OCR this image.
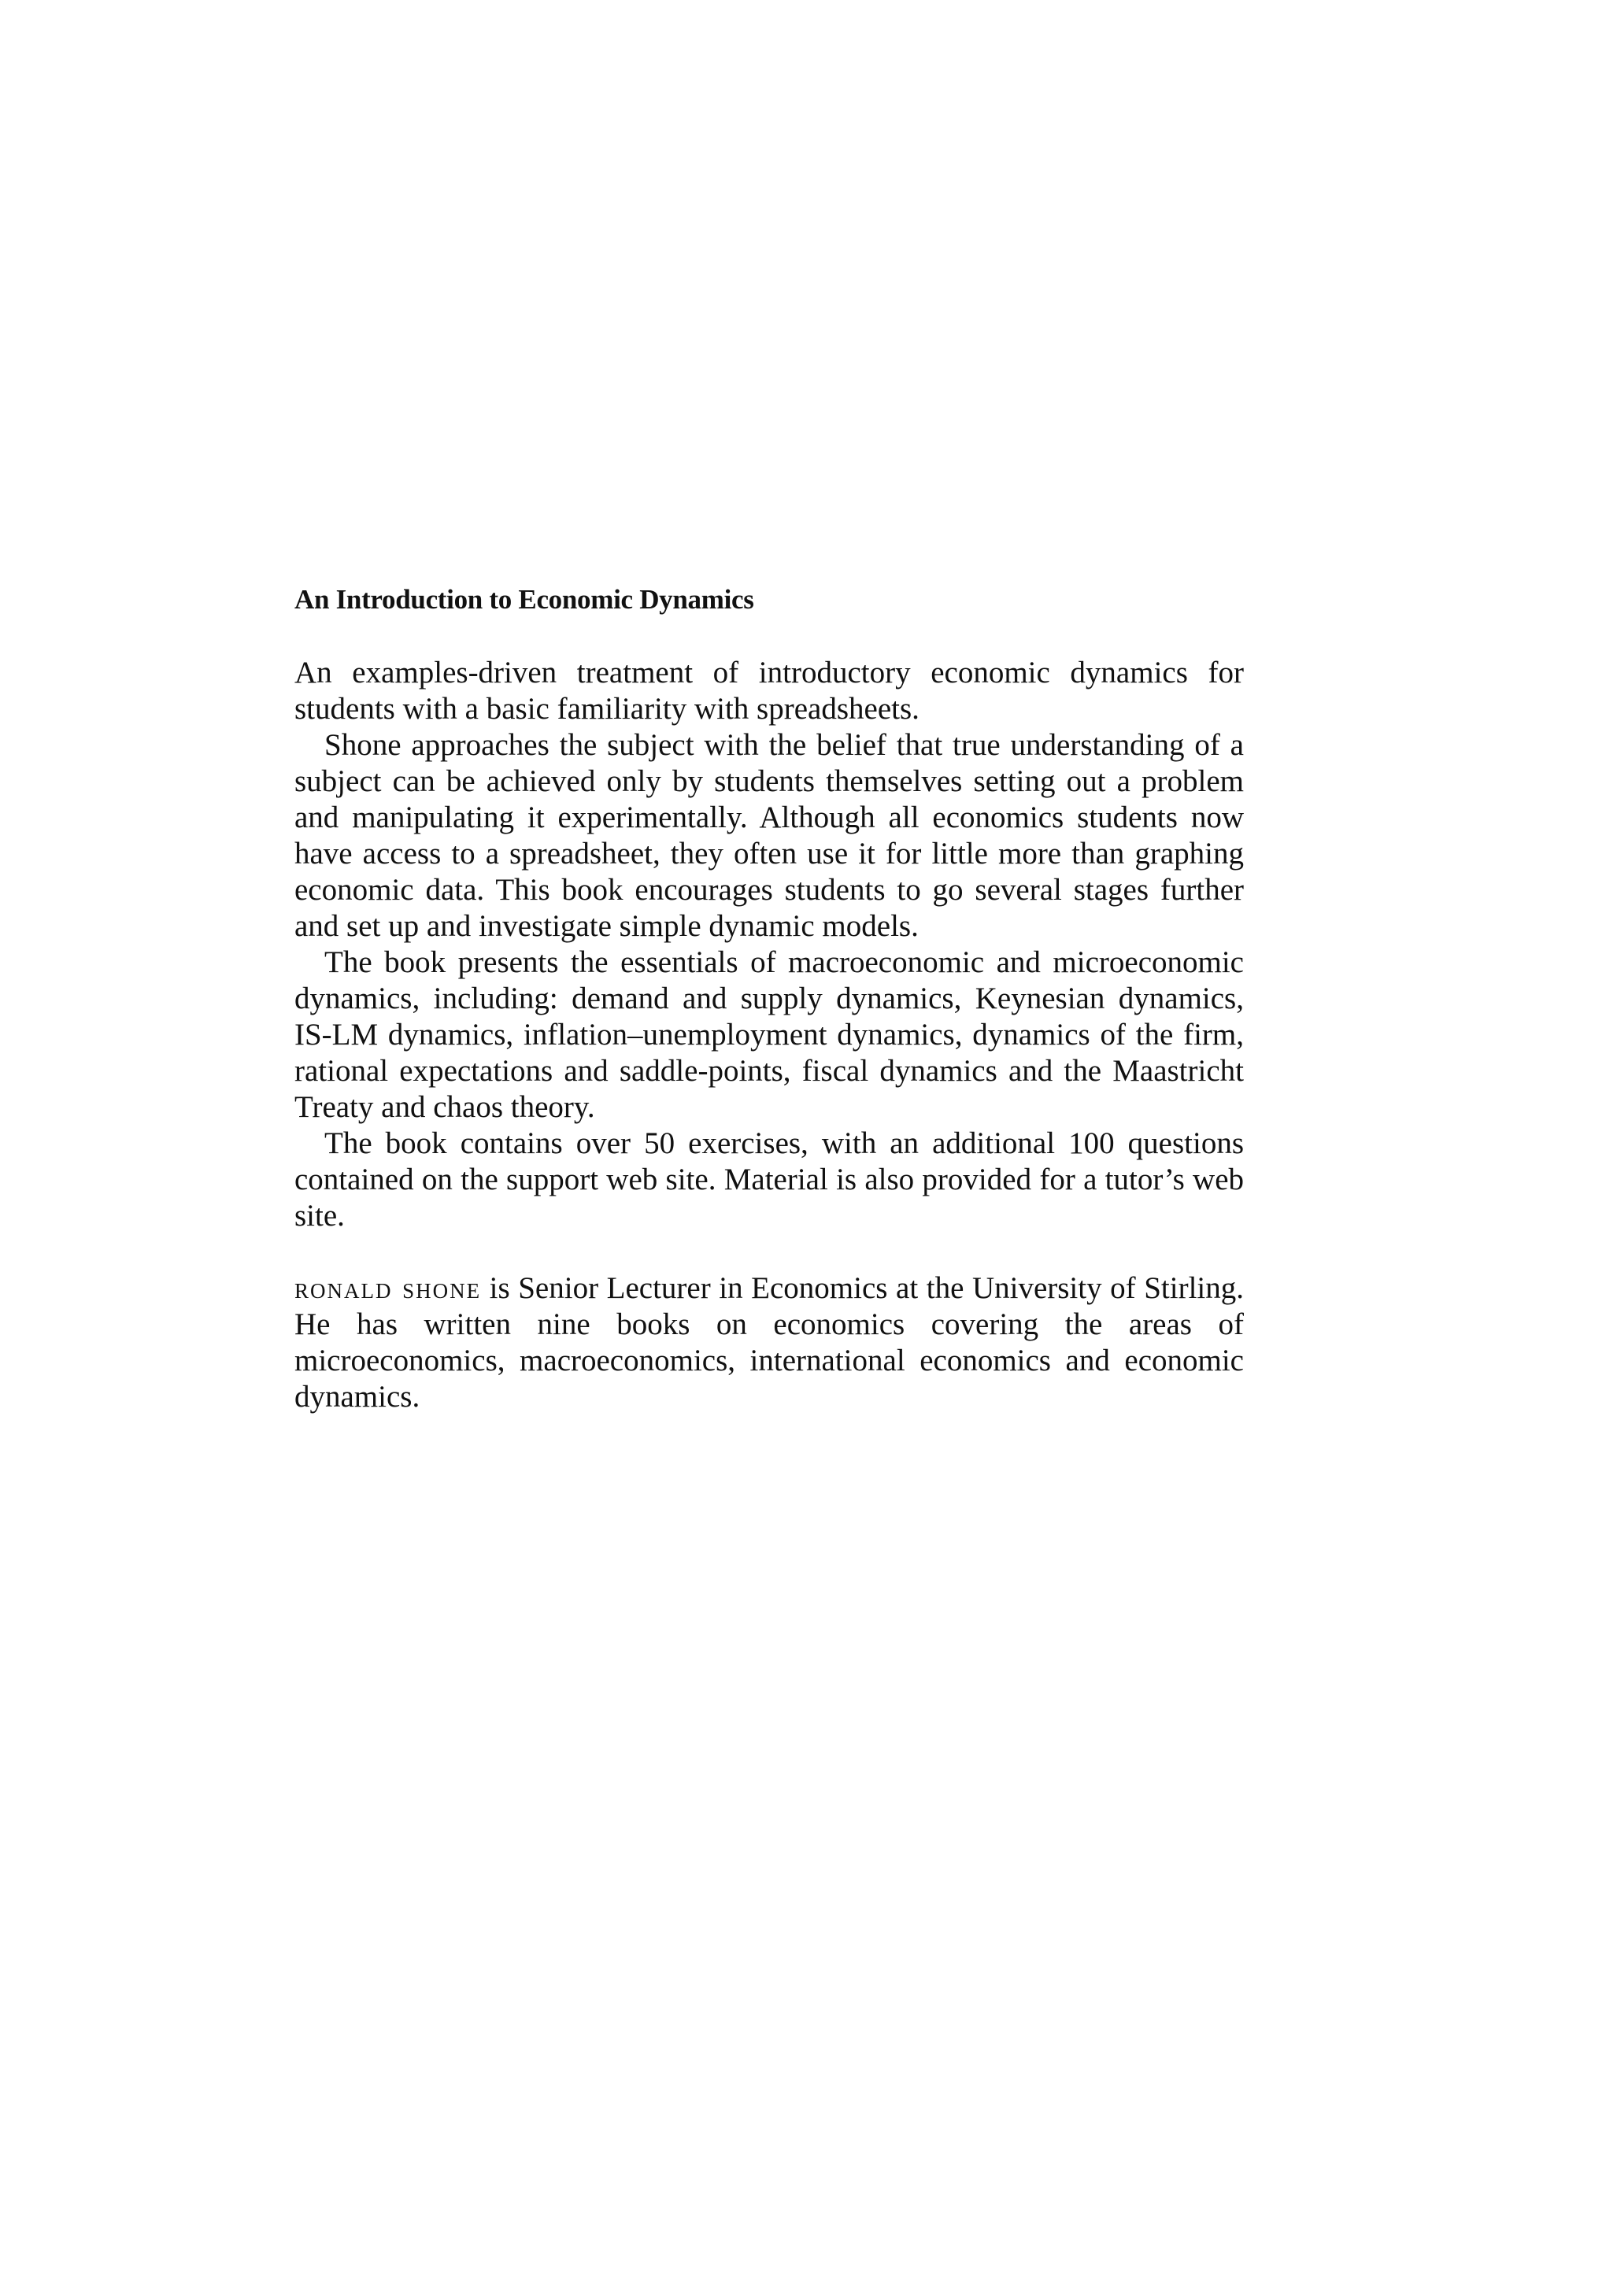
An Introduction to Economic Dynamics

An examples-driven treatment of introductory economic dynamics for students with a basic familiarity with spreadsheets.

Shone approaches the subject with the belief that true understanding of a subject can be achieved only by students themselves setting out a problem and manipulating it experimentally. Although all economics students now have access to a spreadsheet, they often use it for little more than graphing economic data. This book encourages students to go several stages further and set up and investigate simple dynamic models.

The book presents the essentials of macroeconomic and microeconomic dynamics, including: demand and supply dynamics, Keynesian dynamics, IS-LM dynamics, inflation–unemployment dynamics, dynamics of the firm, rational expectations and saddle-points, fiscal dynamics and the Maastricht Treaty and chaos theory.

The book contains over 50 exercises, with an additional 100 questions contained on the support web site. Material is also provided for a tutor’s web site.

ronald shone is Senior Lecturer in Economics at the University of Stirling. He has written nine books on economics covering the areas of microeconomics, macroeconomics, international economics and economic dynamics.
